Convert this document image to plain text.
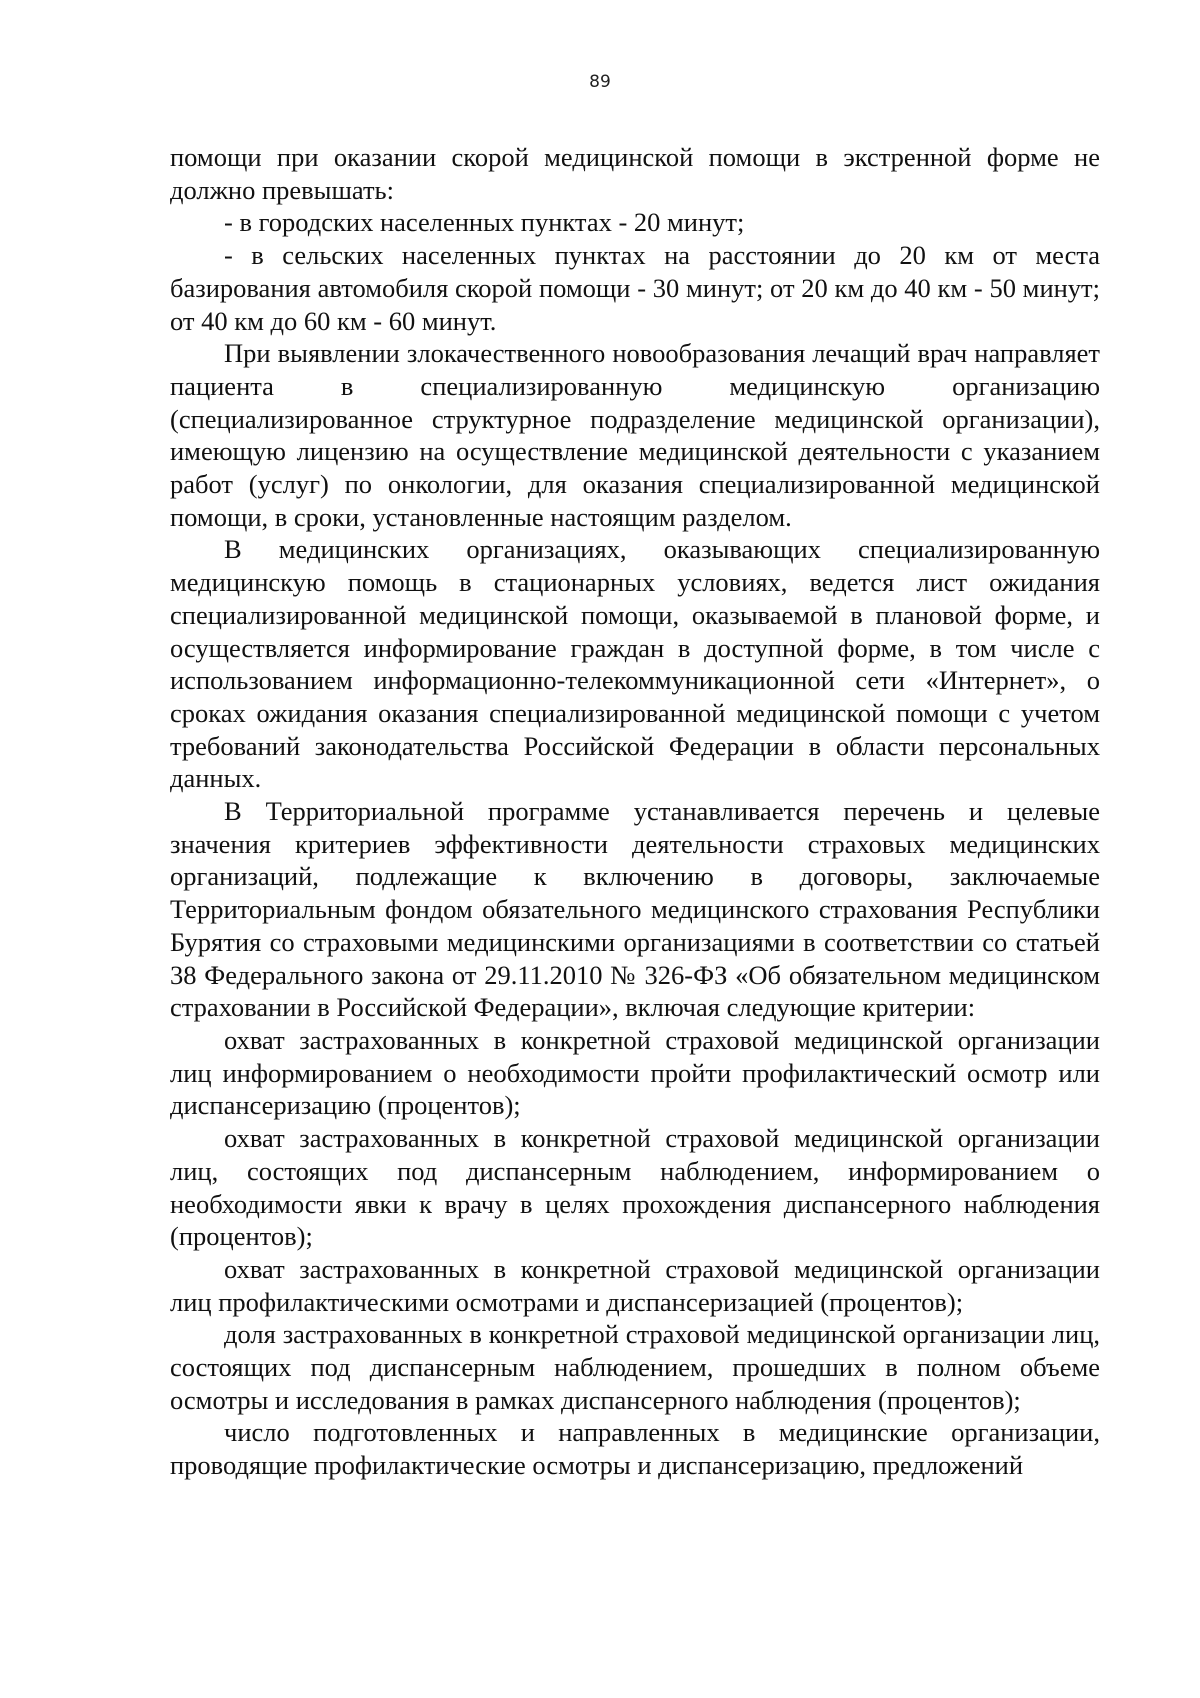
89

помощи при оказании скорой медицинской помощи в экстренной форме не должно превышать:

- в городских населенных пунктах - 20 минут;

- в сельских населенных пунктах на расстоянии до 20 км от места базирования автомобиля скорой помощи - 30 минут; от 20 км до 40 км - 50 минут; от 40 км до 60 км - 60 минут.

При выявлении злокачественного новообразования лечащий врач направляет пациента в специализированную медицинскую организацию (специализированное структурное подразделение медицинской организации), имеющую лицензию на осуществление медицинской деятельности с указанием работ (услуг) по онкологии, для оказания специализированной медицинской помощи, в сроки, установленные настоящим разделом.

В медицинских организациях, оказывающих специализированную медицинскую помощь в стационарных условиях, ведется лист ожидания специализированной медицинской помощи, оказываемой в плановой форме, и осуществляется информирование граждан в доступной форме, в том числе с использованием информационно-телекоммуникационной сети «Интернет», о сроках ожидания оказания специализированной медицинской помощи с учетом требований законодательства Российской Федерации в области персональных данных.

В Территориальной программе устанавливается перечень и целевые значения критериев эффективности деятельности страховых медицинских организаций, подлежащие к включению в договоры, заключаемые Территориальным фондом обязательного медицинского страхования Республики Бурятия со страховыми медицинскими организациями в соответствии со статьей 38 Федерального закона от 29.11.2010 № 326-ФЗ «Об обязательном медицинском страховании в Российской Федерации», включая следующие критерии:

охват застрахованных в конкретной страховой медицинской организации лиц информированием о необходимости пройти профилактический осмотр или диспансеризацию (процентов);

охват застрахованных в конкретной страховой медицинской организации лиц, состоящих под диспансерным наблюдением, информированием о необходимости явки к врачу в целях прохождения диспансерного наблюдения (процентов);

охват застрахованных в конкретной страховой медицинской организации лиц профилактическими осмотрами и диспансеризацией (процентов);

доля застрахованных в конкретной страховой медицинской организации лиц, состоящих под диспансерным наблюдением, прошедших в полном объеме осмотры и исследования в рамках диспансерного наблюдения (процентов);

число подготовленных и направленных в медицинские организации, проводящие профилактические осмотры и диспансеризацию, предложений
